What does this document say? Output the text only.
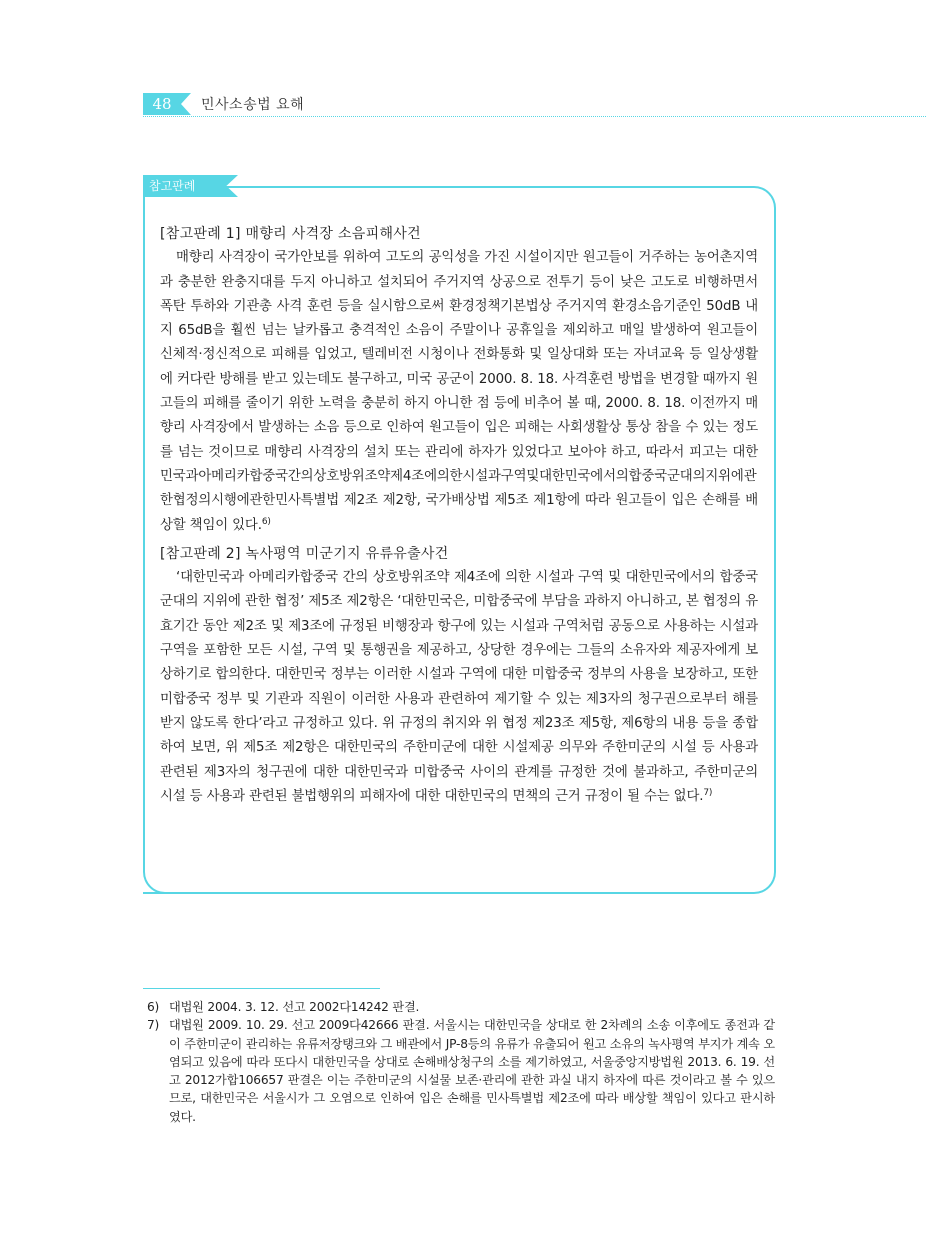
48	민사소송법 요해
참고판례

[참고판례 1] 매향리 사격장 소음피해사건

매향리 사격장이 국가안보를 위하여 고도의 공익성을 가진 시설이지만 원고들이 거주하는 농어촌지역과 충분한 완충지대를 두지 아니하고 설치되어 주거지역 상공으로 전투기 등이 낮은 고도로 비행하면서 폭탄 투하와 기관총 사격 훈련 등을 실시함으로써 환경정책기본법상 주거지역 환경소음기준인 50dB 내지 65dB을 훨씬 넘는 날카롭고 충격적인 소음이 주말이나 공휴일을 제외하고 매일 발생하여 원고들이 신체적·정신적으로 피해를 입었고, 텔레비전 시청이나 전화통화 및 일상대화 또는 자녀교육 등 일상생활에 커다란 방해를 받고 있는데도 불구하고, 미국 공군이 2000. 8. 18. 사격훈련 방법을 변경할 때까지 원고들의 피해를 줄이기 위한 노력을 충분히 하지 아니한 점 등에 비추어 볼 때, 2000. 8. 18. 이전까지 매향리 사격장에서 발생하는 소음 등으로 인하여 원고들이 입은 피해는 사회생활상 통상 참을 수 있는 정도를 넘는 것이므로 매향리 사격장의 설치 또는 관리에 하자가 있었다고 보아야 하고, 따라서 피고는 대한민국과아메리카합중국간의상호방위조약제4조에의한시설과구역및대한민국에서의합중국군대의지위에관한협정의시행에관한민사특별법 제2조 제2항, 국가배상법 제5조 제1항에 따라 원고들이 입은 손해를 배상할 책임이 있다.$^{6)}$

[참고판례 2] 녹사평역 미군기지 유류유출사건

‘대한민국과 아메리카합중국 간의 상호방위조약 제4조에 의한 시설과 구역 및 대한민국에서의 합중국군대의 지위에 관한 협정’ 제5조 제2항은 ‘대한민국은, 미합중국에 부담을 과하지 아니하고, 본 협정의 유효기간 동안 제2조 및 제3조에 규정된 비행장과 항구에 있는 시설과 구역처럼 공동으로 사용하는 시설과 구역을 포함한 모든 시설, 구역 및 통행권을 제공하고, 상당한 경우에는 그들의 소유자와 제공자에게 보상하기로 합의한다. 대한민국 정부는 이러한 시설과 구역에 대한 미합중국 정부의 사용을 보장하고, 또한 미합중국 정부 및 기관과 직원이 이러한 사용과 관련하여 제기할 수 있는 제3자의 청구권으로부터 해를 받지 않도록 한다’라고 규정하고 있다. 위 규정의 취지와 위 협정 제23조 제5항, 제6항의 내용 등을 종합하여 보면, 위 제5조 제2항은 대한민국의 주한미군에 대한 시설제공 의무와 주한미군의 시설 등 사용과 관련된 제3자의 청구권에 대한 대한민국과 미합중국 사이의 관계를 규정한 것에 불과하고, 주한미군의 시설 등 사용과 관련된 불법행위의 피해자에 대한 대한민국의 면책의 근거 규정이 될 수는 없다.$^{7)}$

6) 대법원 2004. 3. 12. 선고 2002다14242 판결.

7) 대법원 2009. 10. 29. 선고 2009다42666 판결. 서울시는 대한민국을 상대로 한 2차례의 소송 이후에도 종전과 같이 주한미군이 관리하는 유류저장탱크와 그 배관에서 JP-8등의 유류가 유출되어 원고 소유의 녹사평역 부지가 계속 오염되고 있음에 따라 또다시 대한민국을 상대로 손해배상청구의 소를 제기하였고, 서울중앙지방법원 2013. 6. 19. 선고 2012가합106657 판결은 이는 주한미군의 시설물 보존·관리에 관한 과실 내지 하자에 따른 것이라고 볼 수 있으므로, 대한민국은 서울시가 그 오염으로 인하여 입은 손해를 민사특별법 제2조에 따라 배상할 책임이 있다고 판시하였다.
